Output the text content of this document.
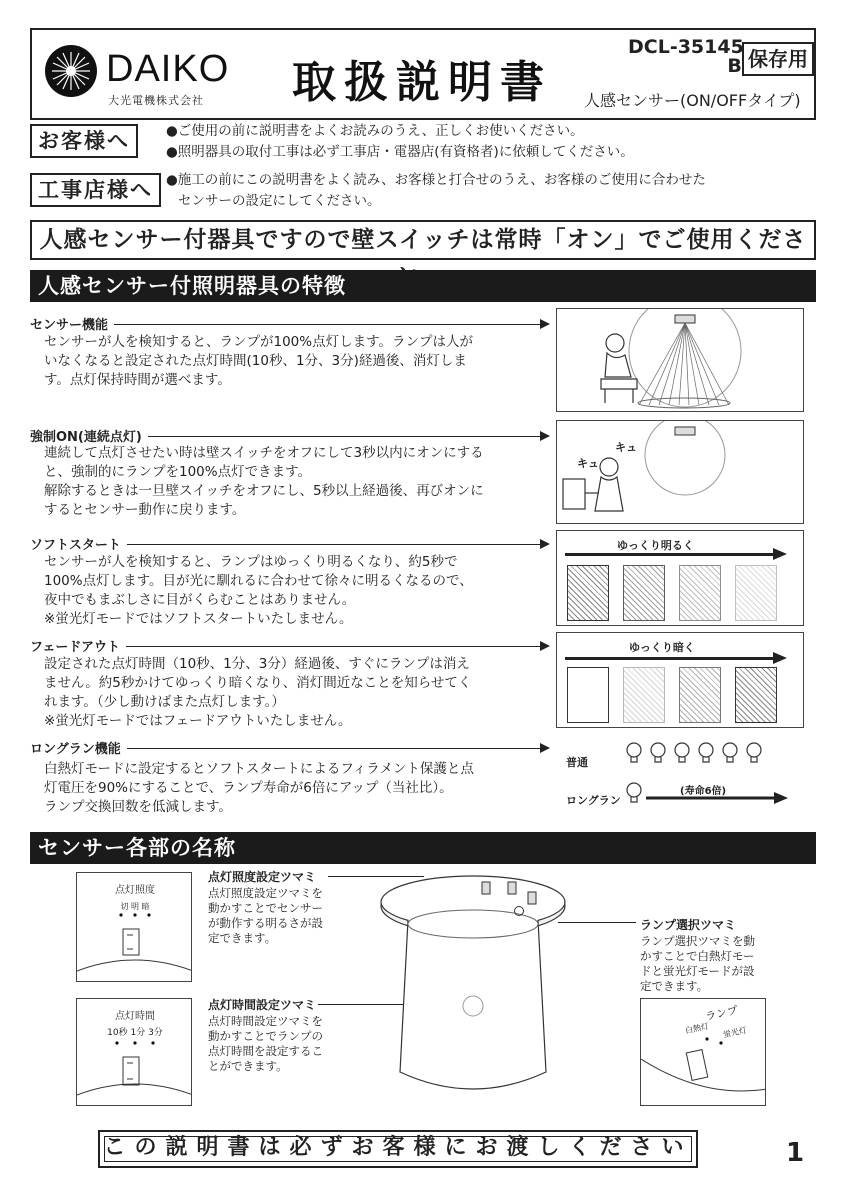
DAIKO
大光電機株式会社 取扱説明書
DCL-35145
B 保存用
人感センサー(ON/OFFタイプ)
お客様へ	●ご使用の前に説明書をよくお読みのうえ、正しくお使いください。
●照明器具の取付工事は必ず工事店・電器店(有資格者)に依頼してください。
工事店様へ ●施工の前にこの説明書をよく読み、お客様と打合せのうえ、お客様のご使用に合わせた
センサーの設定にしてください。
人感センサー付器具ですので壁スイッチは常時「オン」でご使用くださ
人感センサー付照明器具の特徴
センサー機能
センサーが人を検知すると、ランプが100%点灯します。ランプは人が
いなくなると設定された点灯時間(10秒、1分、3分)経過後、消灯しま
す。点灯保持時間が選べます。
強制ON(連続点灯)
連続して点灯させたい時は壁スイッチをオフにして3秒以内にオンにする
と、強制的にランプを100%点灯できます。
解除するときは一旦壁スイッチをオフにし、5秒以上経過後、再びオンに
するとセンサー動作に戻ります。
キュ
キュ
ソフトスタート
センサーが人を検知すると、ランプはゆっくり明るくなり、約5秒で
100%点灯します。目が光に馴れるに合わせて徐々に明るくなるので、
夜中でもまぶしさに目がくらむことはありません。
※蛍光灯モードではソフトスタートいたしません。
ゆっくり明るく
フェードアウト
設定された点灯時間（10秒、1分、3分）経過後、すぐにランプは消え
ません。約5秒かけてゆっくり暗くなり、消灯間近なことを知らせてく
れます。（少し動けばまた点灯します。）
※蛍光灯モードではフェードアウトいたしません。
ゆっくり暗く
ロングラン機能
白熱灯モードに設定するとソフトスタートによるフィラメント保護と点
灯電圧を90%にすることで、ランプ寿命が6倍にアップ（当社比）。
ランプ交換回数を低減します。
普通
ロングラン
(寿命6倍)
センサー各部の名称
点灯照度
切 明 暗
点灯照度設定ツマミ
点灯照度設定ツマミを
動かすことでセンサー
が動作する明るさが設
定できます。
点灯時間
10秒 1分 3分
点灯時間設定ツマミ
点灯時間設定ツマミを
動かすことでランプの
点灯時間を設定するこ
とができます。
ランプ選択ツマミ
ランプ選択ツマミを動
かすことで白熱灯モー
ドと蛍光灯モードが設
定できます。
ランプ
白熱灯 蛍光灯
この説明書は必ずお客様にお渡しください	1
